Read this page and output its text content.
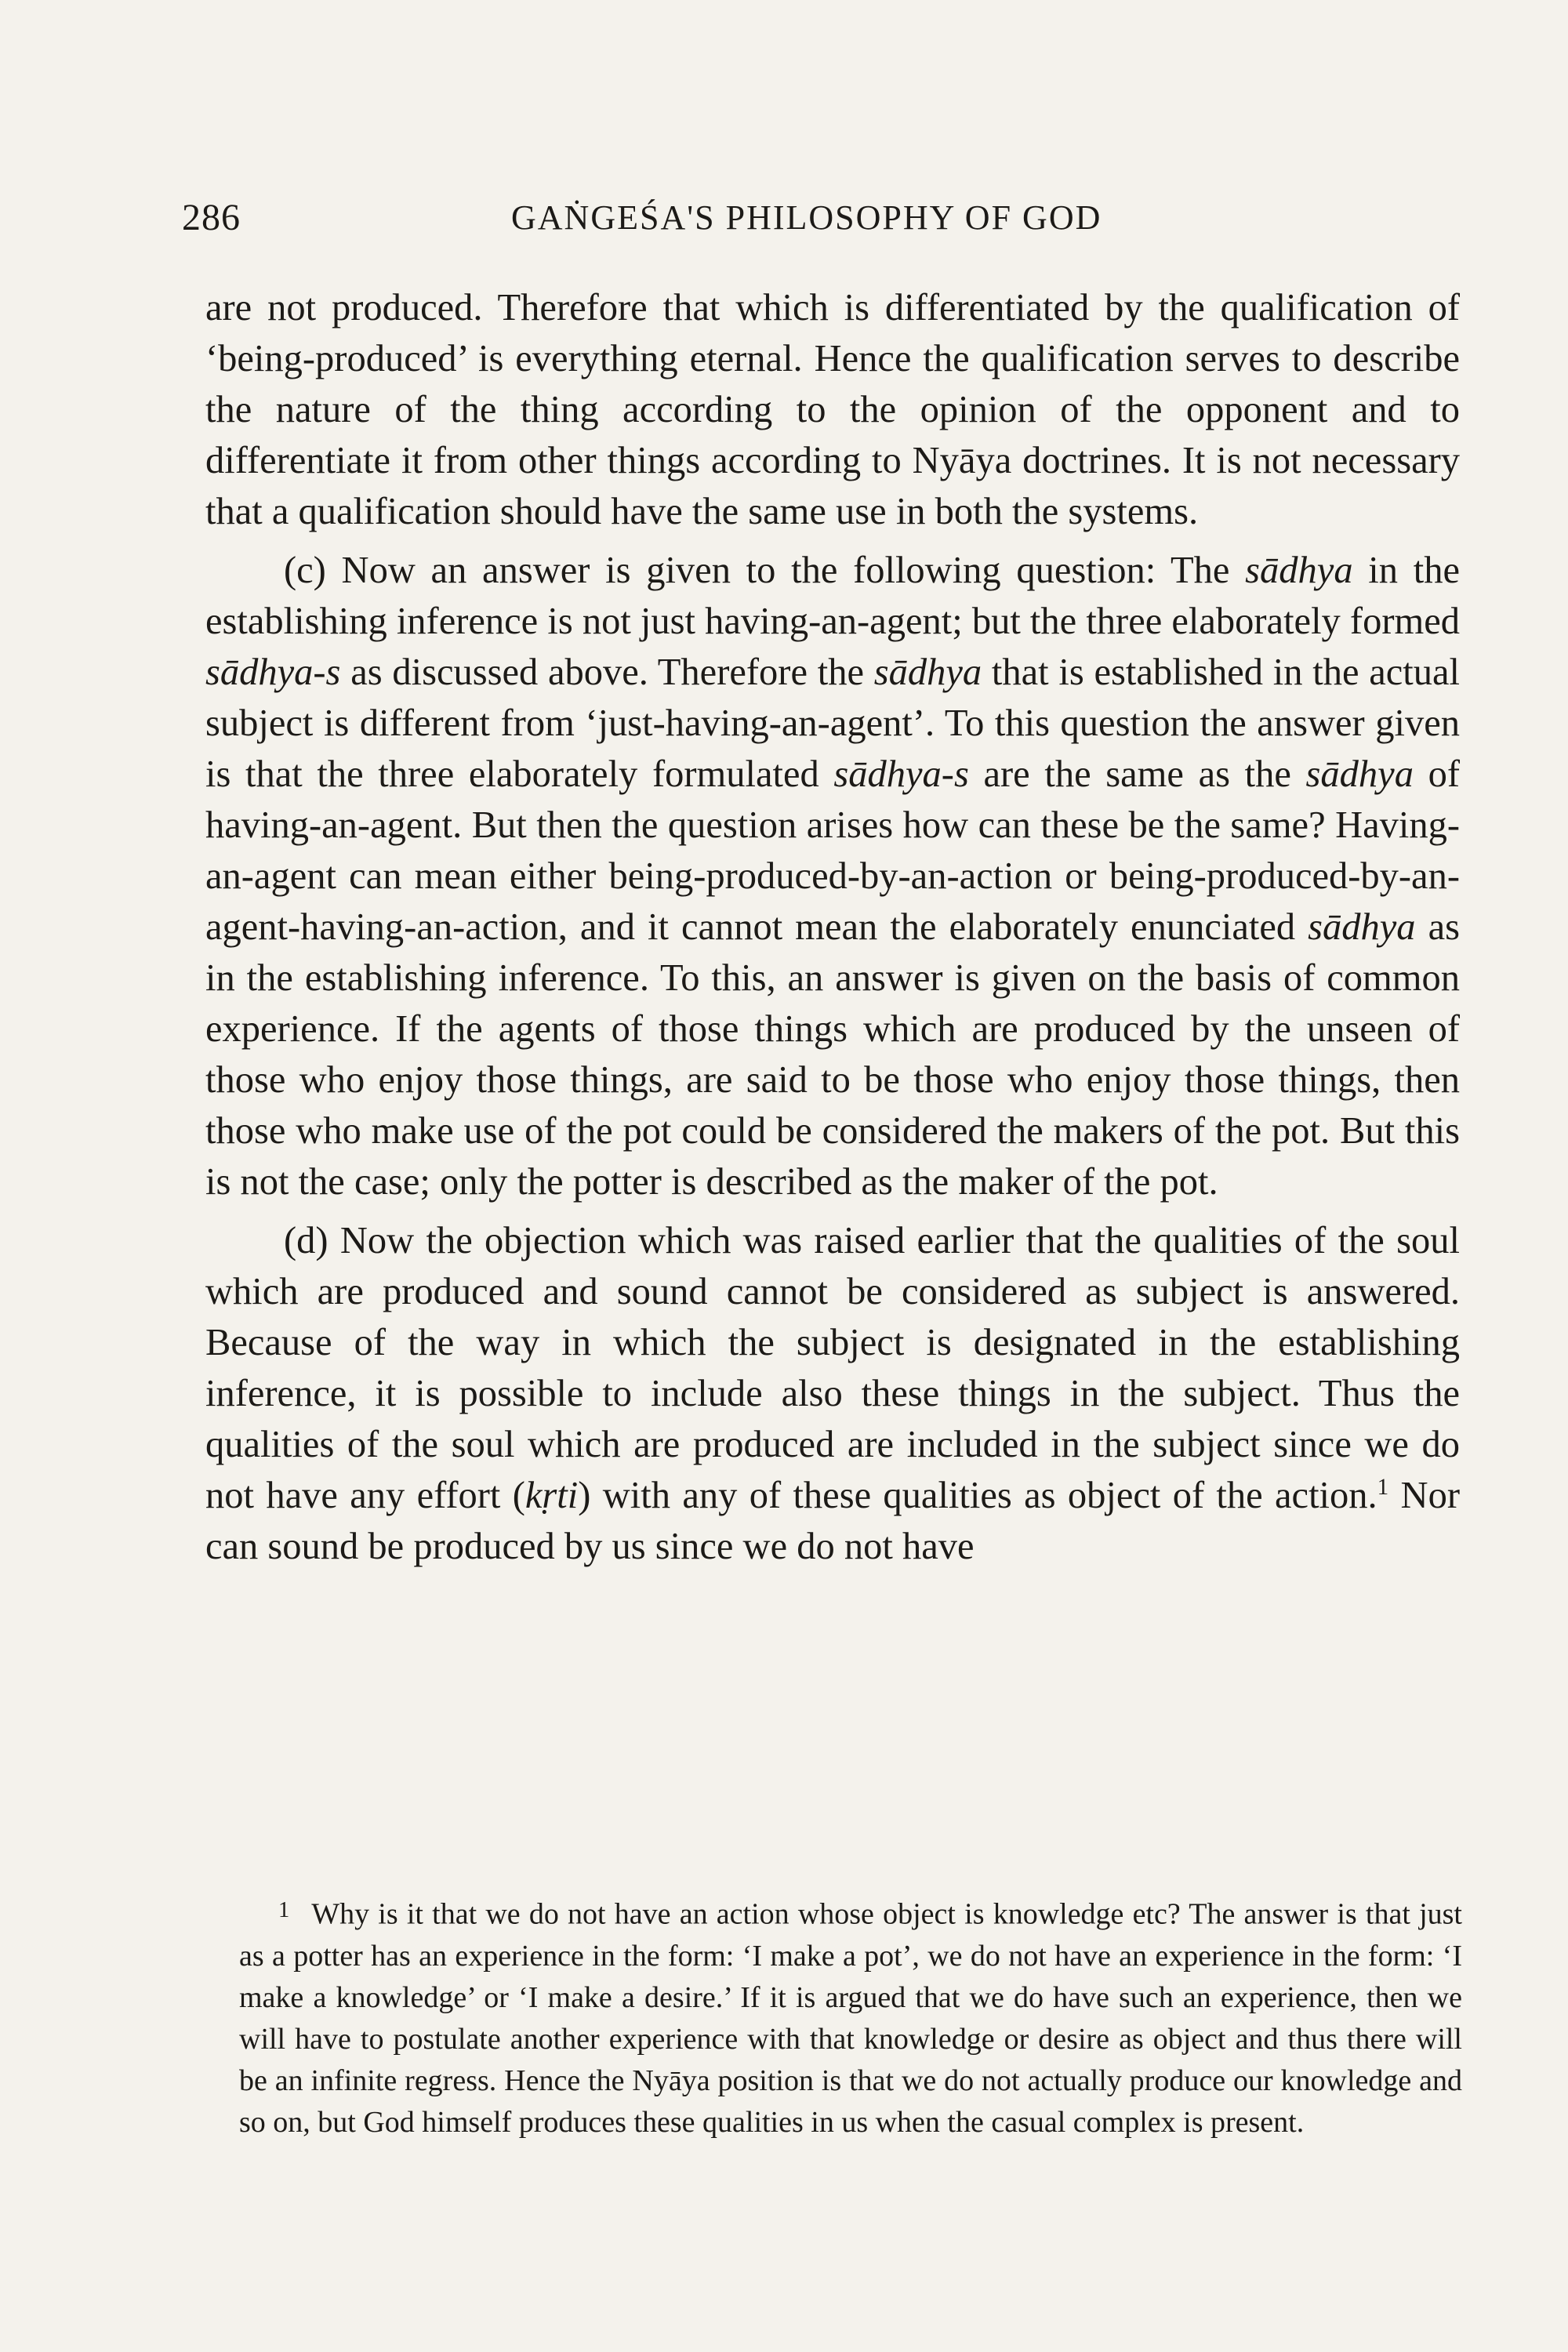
286	GAṄGEŚA'S PHILOSOPHY OF GOD

are not produced. Therefore that which is differentiated by the qualification of ‘being-produced’ is everything eternal. Hence the qualification serves to describe the nature of the thing according to the opinion of the opponent and to differentiate it from other things according to Nyāya doctrines. It is not necessary that a qualification should have the same use in both the systems.

(c) Now an answer is given to the following question: The sādhya in the establishing inference is not just having-an-agent; but the three elaborately formed sādhya-s as discussed above. Therefore the sādhya that is established in the actual subject is different from ‘just-having-an-agent’. To this question the answer given is that the three elaborately formulated sādhya-s are the same as the sādhya of having-an-agent. But then the question arises how can these be the same? Having-an-agent can mean either being-produced-by-an-action or being-produced-by-an-agent-having-an-action, and it cannot mean the elaborately enunciated sādhya as in the establishing inference. To this, an answer is given on the basis of common experience. If the agents of those things which are produced by the unseen of those who enjoy those things, are said to be those who enjoy those things, then those who make use of the pot could be considered the makers of the pot. But this is not the case; only the potter is described as the maker of the pot.

(d) Now the objection which was raised earlier that the qualities of the soul which are produced and sound cannot be considered as subject is answered. Because of the way in which the subject is designated in the establishing inference, it is possible to include also these things in the subject. Thus the qualities of the soul which are produced are included in the subject since we do not have any effort (kṛti) with any of these qualities as object of the action.$^1$ Nor can sound be produced by us since we do not have

$^1$ Why is it that we do not have an action whose object is knowledge etc? The answer is that just as a potter has an experience in the form: ‘I make a pot’, we do not have an experience in the form: ‘I make a knowledge’ or ‘I make a desire.’ If it is argued that we do have such an experience, then we will have to postulate another experience with that knowledge or desire as object and thus there will be an infinite regress. Hence the Nyāya position is that we do not actually produce our knowledge and so on, but God himself produces these qualities in us when the casual complex is present.
